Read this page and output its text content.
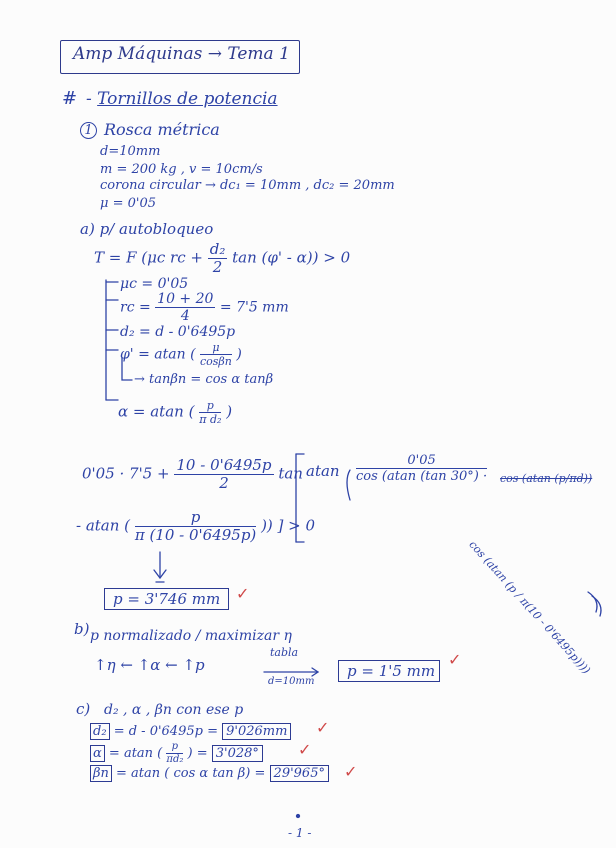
Amp Máquinas → Tema 1
# - Tornillos de potencia
1 Rosca métrica
d=10mm
m = 200 kg , v = 10cm/s
corona circular → dc₁ = 10mm , dc₂ = 20mm
μ = 0'05
a) p/ autobloqueo
T = F (μc rc + $\frac{\text{d₂}}{2}$ tan (φ' - α)) > 0
μc = 0'05
rc = $\frac{10 + 20}{4} = 7'5$ mm
d₂ = d - 0'6495p
φ' = atan ( $\frac{\mu}{\cos\beta n}$ )
→ tanβn = cos α tanβ
α = atan ( $\frac{p}{\text{π d₂}}$ )
$0'05 \cdot 7'5 + \frac{10 - 0'6495p}{2}$ tan atan $\frac{0'05}{\cos (atan (\tan 30^\circ) \cdot}$ cos (atan (p/πd))
cos (atan (p / π(10 - 0'6495p))))
- atan ( $\frac{p}{\pi (10 - 0'6495p)}$ )) ] > 0
p = 3'746 mm ✓
b) p normalizado / maximizar η
↑η ← ↑α ← ↑p
tabla
d=10mm
p = 1'5 mm
✓
c) d₂ , α , βn con ese p
d₂ = d - 0'6495p = 9'026mm ✓
α = atan ( $\frac{p}{\text{πd₂}}$ ) = 3'028° ✓
βn = atan ( cos α tan β) = 29'965° ✓
- 1 -
